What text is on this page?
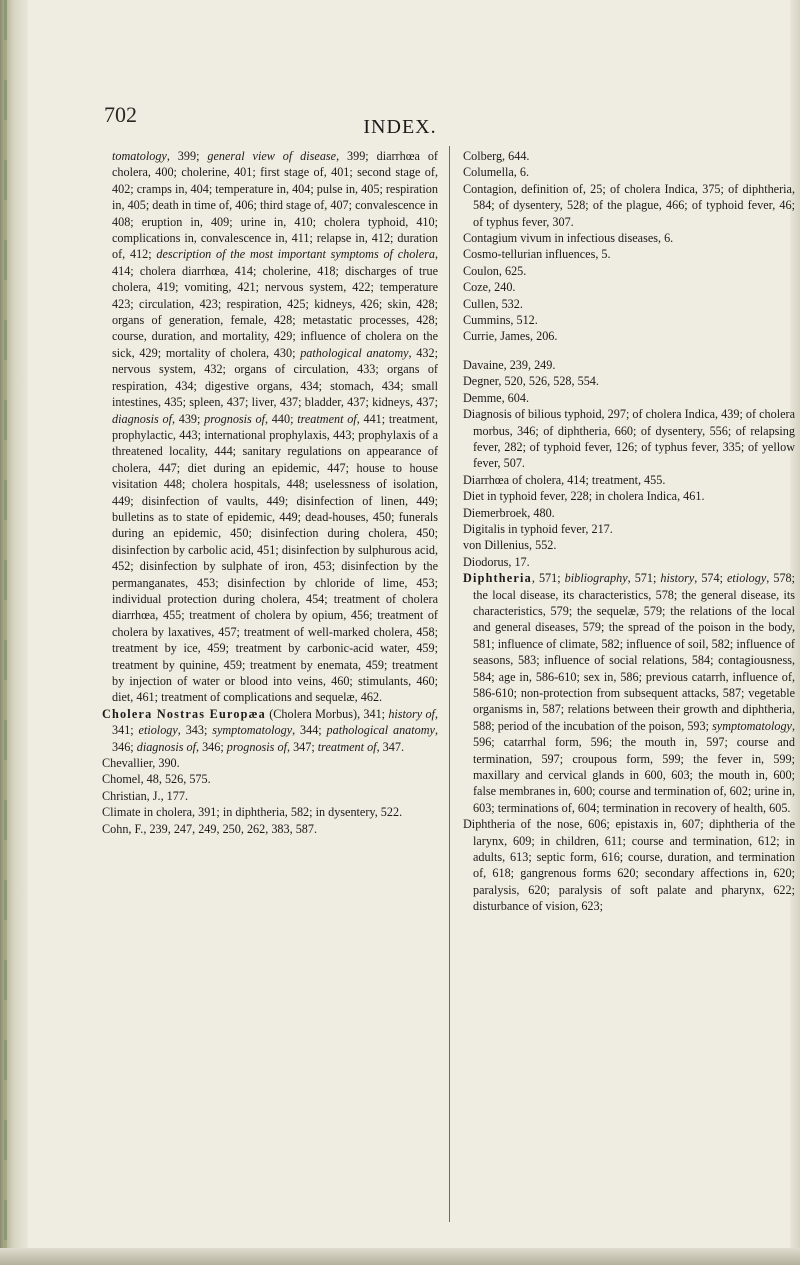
702	INDEX.

tomatology, 399; general view of disease, 399; diarrhœa of cholera, 400; cholerine, 401; first stage of, 401; second stage of, 402; cramps in, 404; temperature in, 404; pulse in, 405; respiration in, 405; death in time of, 406; third stage of, 407; convalescence in 408; eruption in, 409; urine in, 410; cholera typhoid, 410; complications in, convalescence in, 411; relapse in, 412; duration of, 412; description of the most important symptoms of cholera, 414; cholera diarrhœa, 414; cholerine, 418; discharges of true cholera, 419; vomiting, 421; nervous system, 422; temperature 423; circulation, 423; respiration, 425; kidneys, 426; skin, 428; organs of generation, female, 428; metastatic processes, 428; course, duration, and mortality, 429; influence of cholera on the sick, 429; mortality of cholera, 430; pathological anatomy, 432; nervous system, 432; organs of circulation, 433; organs of respiration, 434; digestive organs, 434; stomach, 434; small intestines, 435; spleen, 437; liver, 437; bladder, 437; kidneys, 437; diagnosis of, 439; prognosis of, 440; treatment of, 441; treatment, prophylactic, 443; international prophylaxis, 443; prophylaxis of a threatened locality, 444; sanitary regulations on appearance of cholera, 447; diet during an epidemic, 447; house to house visitation 448; cholera hospitals, 448; uselessness of isolation, 449; disinfection of vaults, 449; disinfection of linen, 449; bulletins as to state of epidemic, 449; dead-houses, 450; funerals during an epidemic, 450; disinfection during cholera, 450; disinfection by carbolic acid, 451; disinfection by sulphurous acid, 452; disinfection by sulphate of iron, 453; disinfection by the permanganates, 453; disinfection by chloride of lime, 453; individual protection during cholera, 454; treatment of cholera diarrhœa, 455; treatment of cholera by opium, 456; treatment of cholera by laxatives, 457; treatment of well-marked cholera, 458; treatment by ice, 459; treatment by carbonic-acid water, 459; treatment by quinine, 459; treatment by enemata, 459; treatment by injection of water or blood into veins, 460; stimulants, 460; diet, 461; treatment of complications and sequelæ, 462.

Cholera Nostras Europæa (Cholera Morbus), 341; history of, 341; etiology, 343; symptomatology, 344; pathological anatomy, 346; diagnosis of, 346; prognosis of, 347; treatment of, 347.

Chevallier, 390.

Chomel, 48, 526, 575.

Christian, J., 177.

Climate in cholera, 391; in diphtheria, 582; in dysentery, 522.

Cohn, F., 239, 247, 249, 250, 262, 383, 587.

Colberg, 644.

Columella, 6.

Contagion, definition of, 25; of cholera Indica, 375; of diphtheria, 584; of dysentery, 528; of the plague, 466; of typhoid fever, 46; of typhus fever, 307.

Contagium vivum in infectious diseases, 6.

Cosmo-tellurian influences, 5.

Coulon, 625.

Coze, 240.

Cullen, 532.

Cummins, 512.

Currie, James, 206.

Davaine, 239, 249.

Degner, 520, 526, 528, 554.

Demme, 604.

Diagnosis of bilious typhoid, 297; of cholera Indica, 439; of cholera morbus, 346; of diphtheria, 660; of dysentery, 556; of relapsing fever, 282; of typhoid fever, 126; of typhus fever, 335; of yellow fever, 507.

Diarrhœa of cholera, 414; treatment, 455.

Diet in typhoid fever, 228; in cholera Indica, 461.

Diemerbroek, 480.

Digitalis in typhoid fever, 217.

von Dillenius, 552.

Diodorus, 17.

Diphtheria, 571; bibliography, 571; history, 574; etiology, 578; the local disease, its characteristics, 578; the general disease, its characteristics, 579; the sequelæ, 579; the relations of the local and general diseases, 579; the spread of the poison in the body, 581; influence of climate, 582; influence of soil, 582; influence of seasons, 583; influence of social relations, 584; contagiousness, 584; age in, 586-610; sex in, 586; previous catarrh, influence of, 586-610; non-protection from subsequent attacks, 587; vegetable organisms in, 587; relations between their growth and diphtheria, 588; period of the incubation of the poison, 593; symptomatology, 596; catarrhal form, 596; the mouth in, 597; course and termination, 597; croupous form, 599; the fever in, 599; maxillary and cervical glands in 600, 603; the mouth in, 600; false membranes in, 600; course and termination of, 602; urine in, 603; terminations of, 604; termination in recovery of health, 605.

Diphtheria of the nose, 606; epistaxis in, 607; diphtheria of the larynx, 609; in children, 611; course and termination, 612; in adults, 613; septic form, 616; course, duration, and termination of, 618; gangrenous forms 620; secondary affections in, 620; paralysis, 620; paralysis of soft palate and pharynx, 622; disturbance of vision, 623;
